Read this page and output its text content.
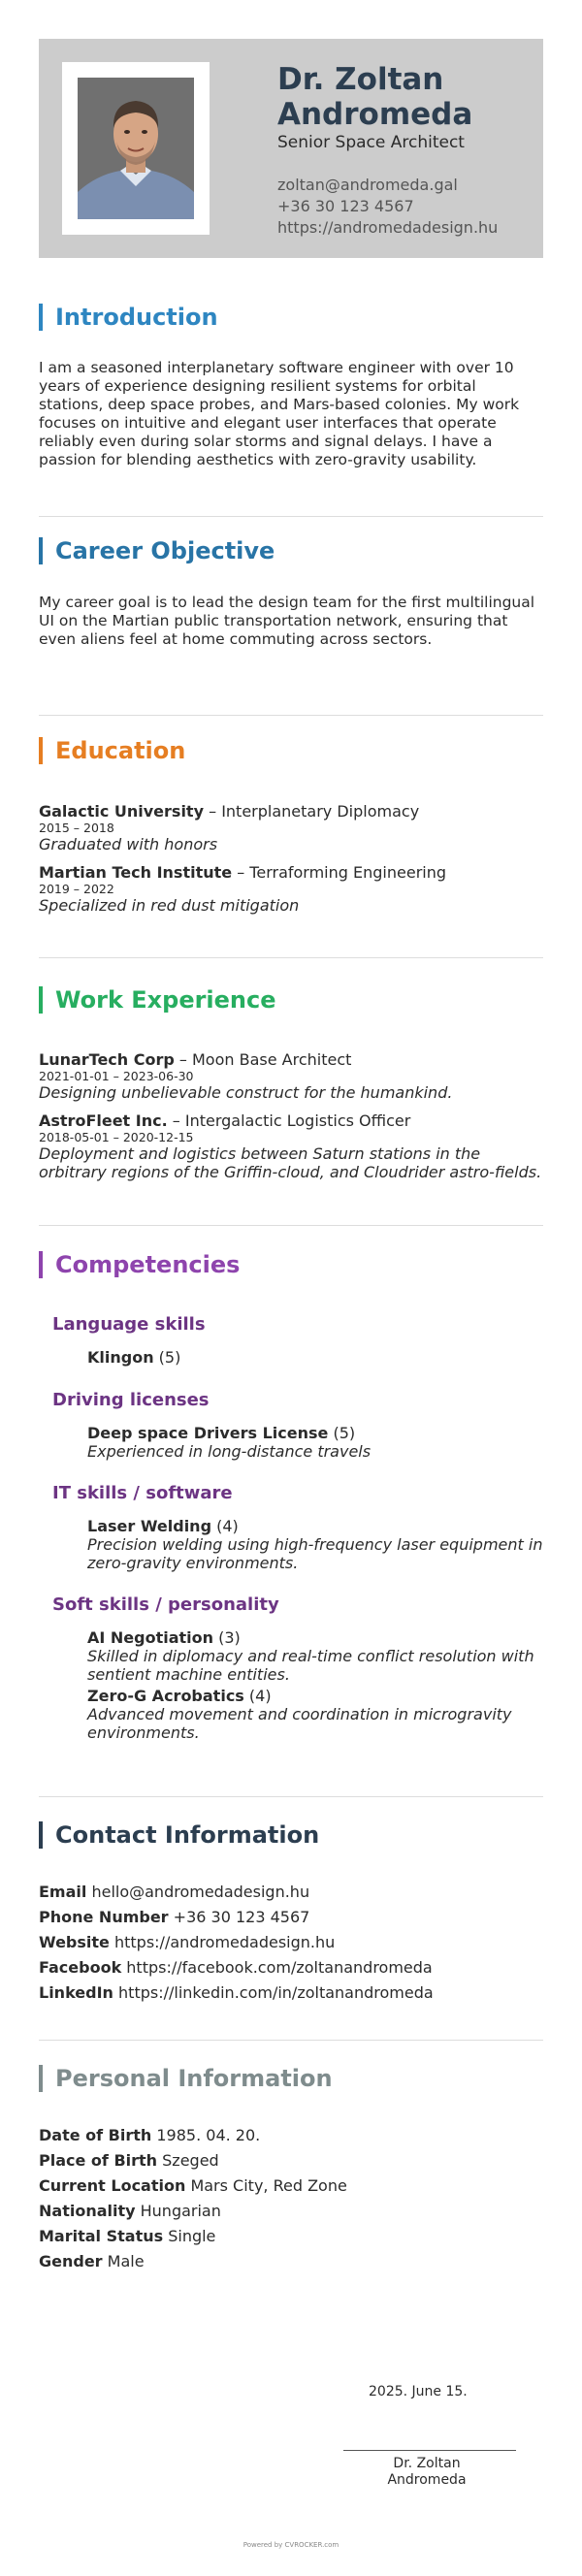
Dr. Zoltan Andromeda
Senior Space Architect
zoltan@andromeda.gal
+36 30 123 4567
https://andromedadesign.hu
Introduction
I am a seasoned interplanetary software engineer with over 10 years of experience designing resilient systems for orbital stations, deep space probes, and Mars-based colonies. My work focuses on intuitive and elegant user interfaces that operate reliably even during solar storms and signal delays. I have a passion for blending aesthetics with zero-gravity usability.
Career Objective
My career goal is to lead the design team for the first multilingual UI on the Martian public transportation network, ensuring that even aliens feel at home commuting across sectors.
Education
Galactic University – Interplanetary Diplomacy
2015 – 2018
Graduated with honors
Martian Tech Institute – Terraforming Engineering
2019 – 2022
Specialized in red dust mitigation
Work Experience
LunarTech Corp – Moon Base Architect
2021-01-01 – 2023-06-30
Designing unbelievable construct for the humankind.
AstroFleet Inc. – Intergalactic Logistics Officer
2018-05-01 – 2020-12-15
Deployment and logistics between Saturn stations in the orbitrary regions of the Griffin-cloud, and Cloudrider astro-fields.
Competencies
Language skills
Klingon (5)
Driving licenses
Deep space Drivers License (5)
Experienced in long-distance travels
IT skills / software
Laser Welding (4)
Precision welding using high-frequency laser equipment in zero-gravity environments.
Soft skills / personality
AI Negotiation (3)
Skilled in diplomacy and real-time conflict resolution with sentient machine entities.
Zero-G Acrobatics (4)
Advanced movement and coordination in microgravity environments.
Contact Information
Email hello@andromedadesign.hu
Phone Number +36 30 123 4567
Website https://andromedadesign.hu
Facebook https://facebook.com/zoltanandromeda
LinkedIn https://linkedin.com/in/zoltanandromeda
Personal Information
Date of Birth 1985. 04. 20.
Place of Birth Szeged
Current Location Mars City, Red Zone
Nationality Hungarian
Marital Status Single
Gender Male
2025. June 15.
Dr. Zoltan Andromeda
Powered by CVROCKER.com
